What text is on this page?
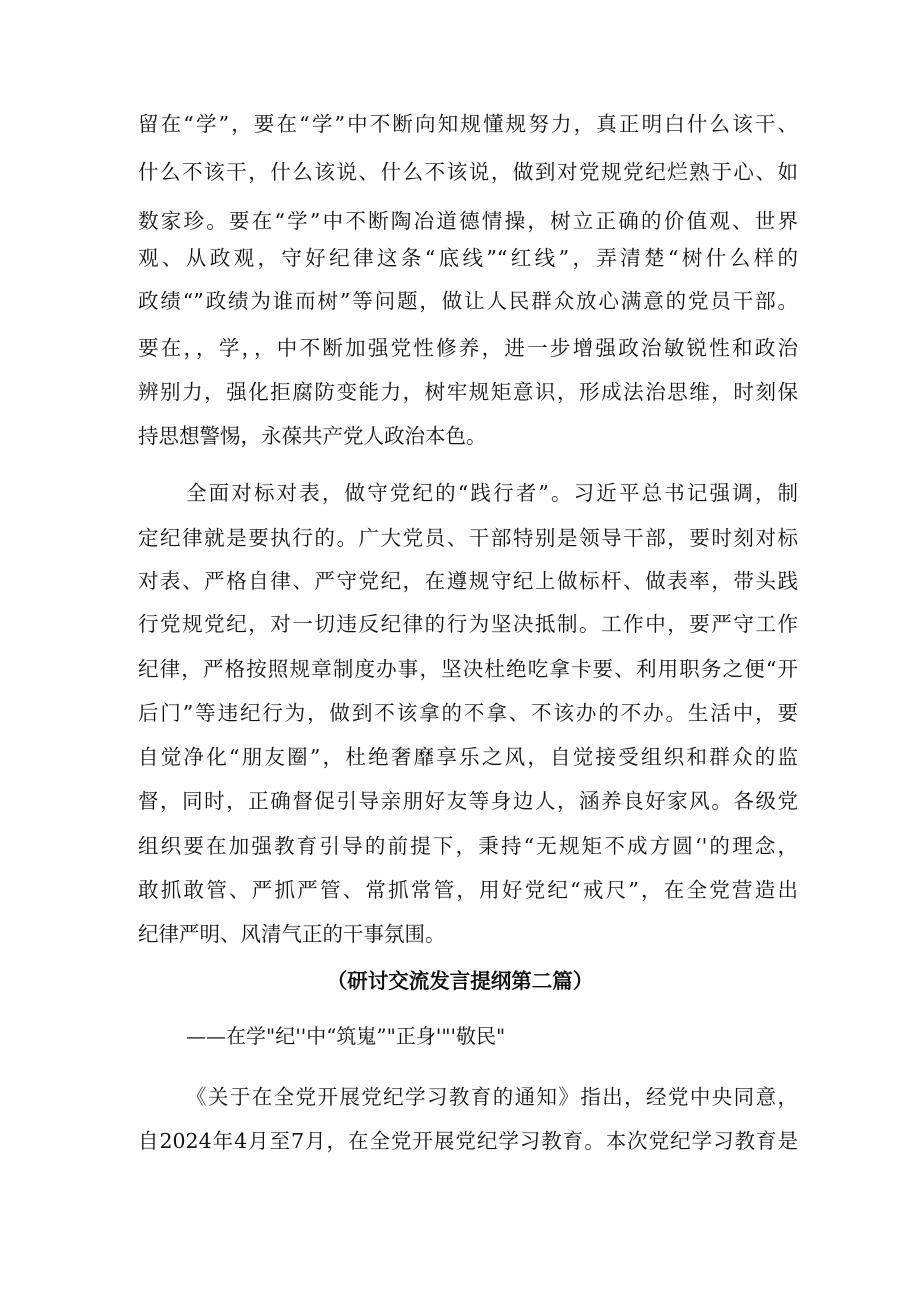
留在“学”，要在“学”中不断向知规懂规努力，真正明白什么该干、
什么不该干，什么该说、什么不该说，做到对党规党纪烂熟于心、如
数家珍。要在“学”中不断陶冶道德情操，树立正确的价值观、世界
观、从政观，守好纪律这条“底线”“红线”，弄清楚“树什么样的
政绩“”政绩为谁而树”等问题，做让人民群众放心满意的党员干部。
要在，，学，，中不断加强党性修养，进一步增强政治敏锐性和政治
辨别力，强化拒腐防变能力，树牢规矩意识，形成法治思维，时刻保
持思想警惕，永葆共产党人政治本色。
全面对标对表，做守党纪的“践行者”。习近平总书记强调，制
定纪律就是要执行的。广大党员、干部特别是领导干部，要时刻对标
对表、严格自律、严守党纪，在遵规守纪上做标杆、做表率，带头践
行党规党纪，对一切违反纪律的行为坚决抵制。工作中，要严守工作
纪律，严格按照规章制度办事，坚决杜绝吃拿卡要、利用职务之便“开
后门”等违纪行为，做到不该拿的不拿、不该办的不办。生活中，要
自觉净化“朋友圈”，杜绝奢靡享乐之风，自觉接受组织和群众的监
督，同时，正确督促引导亲朋好友等身边人，涵养良好家风。各级党
组织要在加强教育引导的前提下，秉持“无规矩不成方圆‘'的理念，
敢抓敢管、严抓严管、常抓常管，用好党纪“戒尺”，在全党营造出
纪律严明、风清气正的干事氛围。
（研讨交流发言提纲第二篇）
——在学"纪''中“筑嵬”"正身'"'敬民"
《关于在全党开展党纪学习教育的通知》指出，经党中央同意，
自2024年4月至7月，在全党开展党纪学习教育。本次党纪学习教育是
